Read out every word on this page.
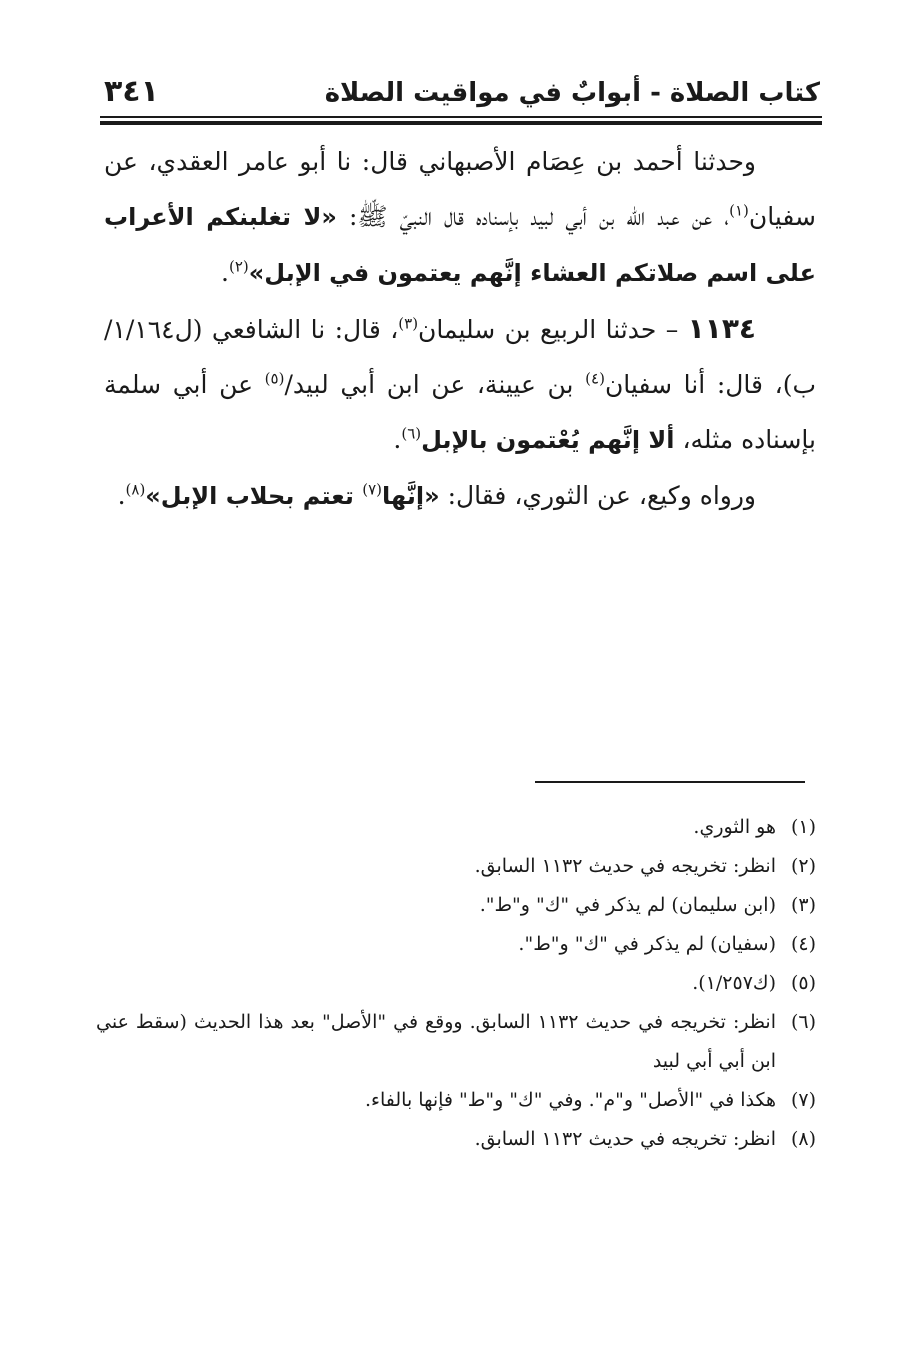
كتاب الصلاة - أبوابٌ في مواقيت الصلاة
٣٤١

وحدثنا أحمد بن عِصَام الأصبهاني قال: نا أبو عامر العقدي، عن سفيان$^{(١)}$، عن عبد الله بن أبي لبيد بإسناده قال النبيّ ﷺ: «لا تغلبنكم الأعراب على اسم صلاتكم العشاء إنَّهم يعتمون في الإبل»$^{(٢)}$.

١١٣٤ – حدثنا الربيع بن سليمان$^{(٣)}$، قال: نا الشافعي (ل١/١٦٤/ب)، قال: أنا سفيان$^{(٤)}$ بن عيينة، عن ابن أبي لبيد/$^{(٥)}$ عن أبي سلمة بإسناده مثله، ألا إنَّهم يُعْتمون بالإبل$^{(٦)}$.

ورواه وكيع، عن الثوري، فقال: «إنَّها$^{(٧)}$ تعتم بحلاب الإبل»$^{(٨)}$.

(١)
هو الثوري.
(٢)
انظر: تخريجه في حديث ١١٣٢ السابق.
(٣)
(ابن سليمان) لم يذكر في "ك" و"ط".
(٤)
(سفيان) لم يذكر في "ك" و"ط".
(٥)
(ك١/٢٥٧).
(٦)
انظر: تخريجه في حديث ١١٣٢ السابق. ووقع في "الأصل" بعد هذا الحديث (سقط عني ابن أبي أبي لبيد
(٧)
هكذا في "الأصل" و"م". وفي "ك" و"ط" فإنها بالفاء.
(٨)
انظر: تخريجه في حديث ١١٣٢ السابق.
